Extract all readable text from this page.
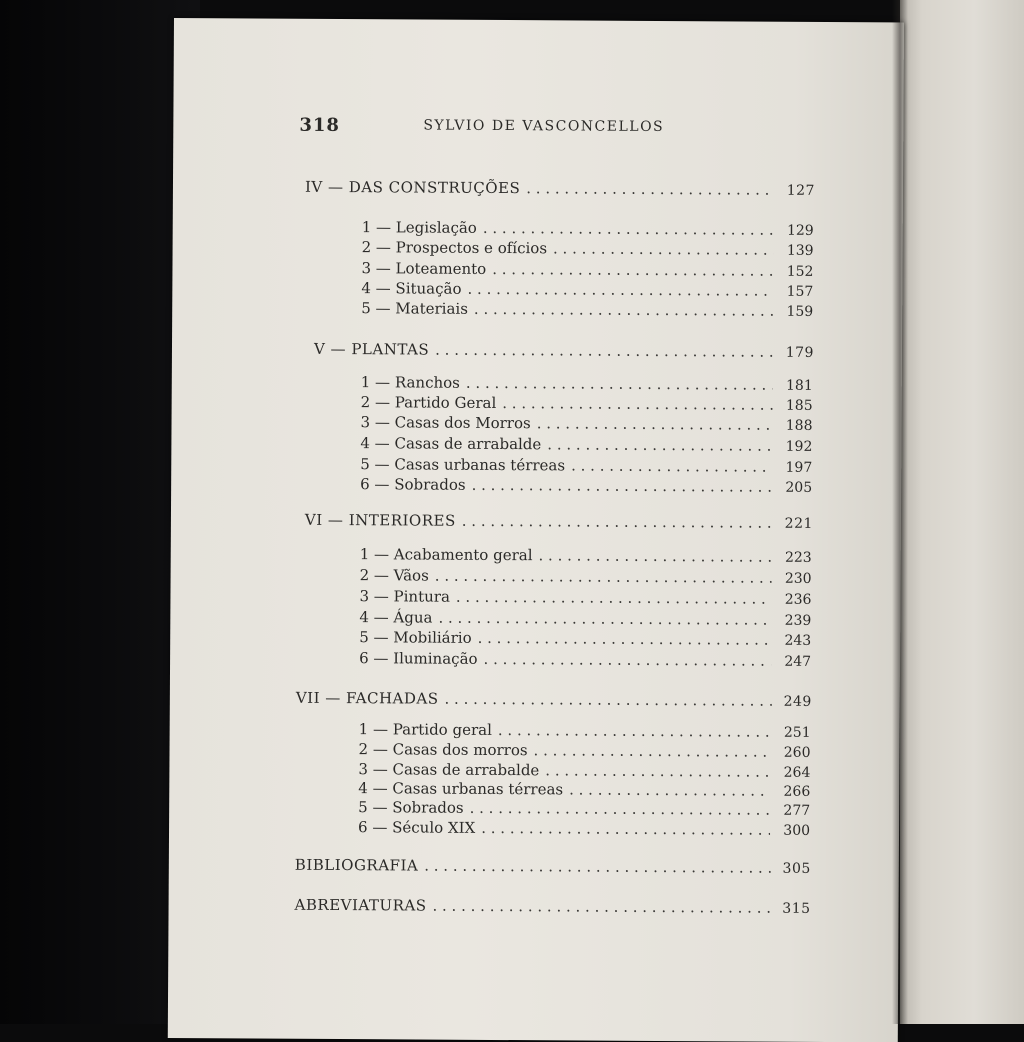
318	SYLVIO DE VASCONCELLOS
IV — DAS CONSTRUÇÕES . . .	127
1 — Legislação . . .	129
2 — Prospectos e ofícios . . .	139
3 — Loteamento . . .	152
4 — Situação . . .	157
5 — Materiais . . .	159
V — PLANTAS . . .	179
1 — Ranchos . . .	181
2 — Partido Geral . . .	185
3 — Casas dos Morros . . .	188
4 — Casas de arrabalde . . .	192
5 — Casas urbanas térreas . . .	197
6 — Sobrados . . .	205
VI — INTERIORES . . .	221
1 — Acabamento geral . . .	223
2 — Vãos . . .	230
3 — Pintura . . .	236
4 — Água . . .	239
5 — Mobiliário . . .	243
6 — Iluminação . . .	247
VII — FACHADAS . . .	249
1 — Partido geral . . .	251
2 — Casas dos morros . . .	260
3 — Casas de arrabalde . . .	264
4 — Casas urbanas térreas . . .	266
5 — Sobrados . . .	277
6 — Século XIX . . .	300
BIBLIOGRAFIA . . .	305
ABREVIATURAS . . .	315
